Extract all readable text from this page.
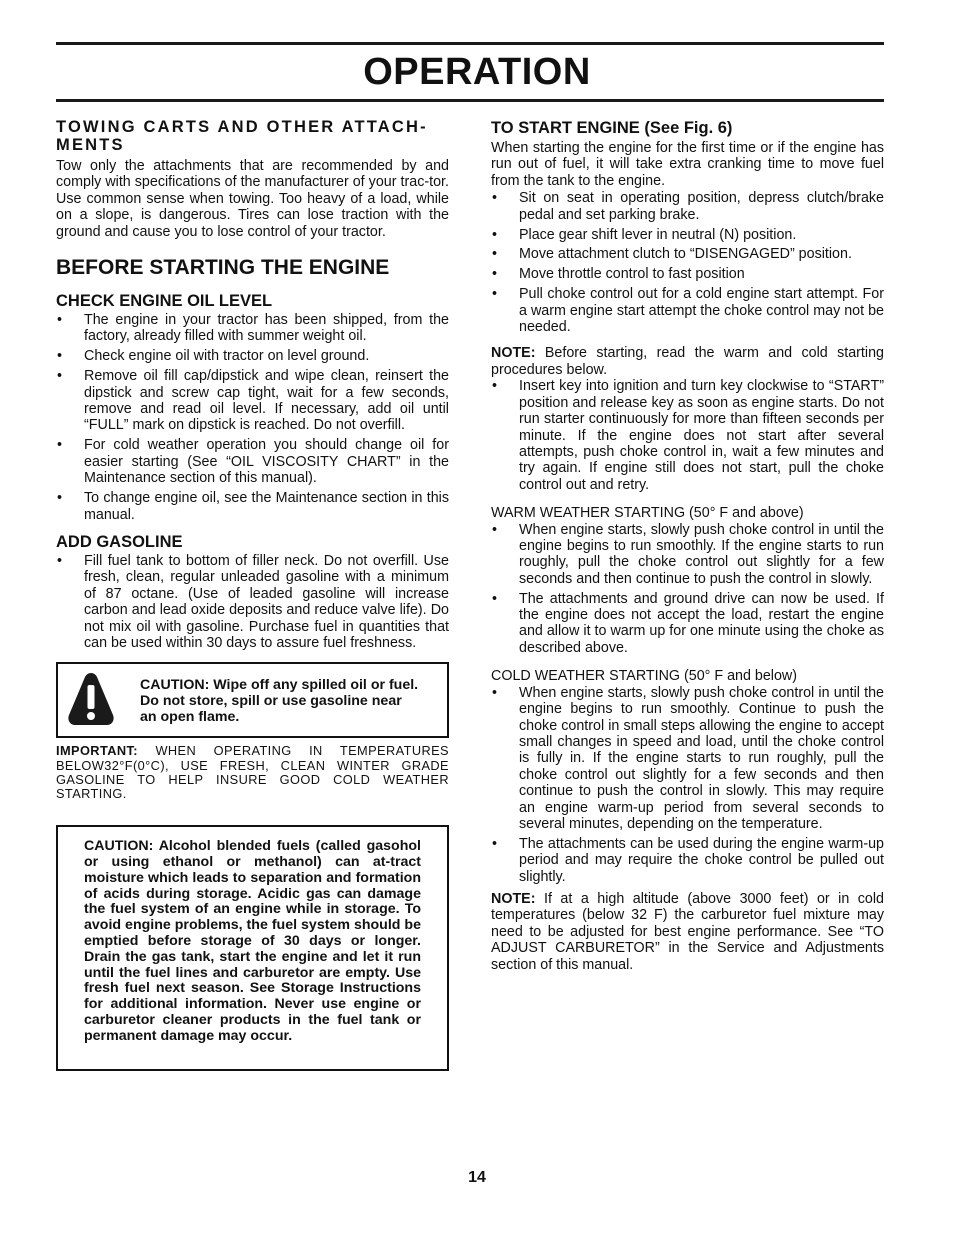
OPERATION
TOWING CARTS AND OTHER ATTACH-MENTS

Tow only the attachments that are recommended by and comply with specifications of the manufacturer of your trac-tor. Use common sense when towing. Too heavy of a load, while on a slope, is dangerous. Tires can lose traction with the ground and cause you to lose control of your tractor.

BEFORE STARTING THE ENGINE
CHECK ENGINE OIL LEVEL
• The engine in your tractor has been shipped, from the factory, already filled with summer weight oil.
• Check engine oil with tractor on level ground.
• Remove oil fill cap/dipstick and wipe clean, reinsert the dipstick and screw cap tight, wait for a few seconds, remove and read oil level. If necessary, add oil until “FULL” mark on dipstick is reached. Do not overfill.
• For cold weather operation you should change oil for easier starting (See “OIL VISCOSITY CHART” in the Maintenance section of this manual).
• To change engine oil, see the Maintenance section in this manual.
ADD GASOLINE
• Fill fuel tank to bottom of filler neck. Do not overfill. Use fresh, clean, regular unleaded gasoline with a minimum of 87 octane. (Use of leaded gasoline will increase carbon and lead oxide deposits and reduce valve life). Do not mix oil with gasoline. Purchase fuel in quantities that can be used within 30 days to assure fuel freshness.
CAUTION: Wipe off any spilled oil or fuel. Do not store, spill or use gasoline near an open flame.

IMPORTANT: WHEN OPERATING IN TEMPERATURES BELOW32°F(0°C), USE FRESH, CLEAN WINTER GRADE GASOLINE TO HELP INSURE GOOD COLD WEATHER STARTING.

CAUTION: Alcohol blended fuels (called gasohol or using ethanol or methanol) can at-tract moisture which leads to separation and formation of acids during storage. Acidic gas can damage the fuel system of an engine while in storage. To avoid engine problems, the fuel system should be emptied before storage of 30 days or longer. Drain the gas tank, start the engine and let it run until the fuel lines and carburetor are empty. Use fresh fuel next season. See Storage Instructions for additional information. Never use engine or carburetor cleaner products in the fuel tank or permanent damage may occur.
TO START ENGINE (See Fig. 6)

When starting the engine for the first time or if the engine has run out of fuel, it will take extra cranking time to move fuel from the tank to the engine.

• Sit on seat in operating position, depress clutch/brake pedal and set parking brake.
• Place gear shift lever in neutral (N) position.
• Move attachment clutch to “DISENGAGED” position.
• Move throttle control to fast position
• Pull choke control out for a cold engine start attempt. For a warm engine start attempt the choke control may not be needed.

NOTE: Before starting, read the warm and cold starting procedures below.

• Insert key into ignition and turn key clockwise to “START” position and release key as soon as engine starts. Do not run starter continuously for more than fifteen seconds per minute. If the engine does not start after several attempts, push choke control in, wait a few minutes and try again. If engine still does not start, pull the choke control out and retry.
WARM WEATHER STARTING (50° F and above)
• When engine starts, slowly push choke control in until the engine begins to run smoothly. If the engine starts to run roughly, pull the choke control out slightly for a few seconds and then continue to push the control in slowly.
• The attachments and ground drive can now be used. If the engine does not accept the load, restart the engine and allow it to warm up for one minute using the choke as described above.
COLD WEATHER STARTING (50° F and below)
• When engine starts, slowly push choke control in until the engine begins to run smoothly. Continue to push the choke control in small steps allowing the engine to accept small changes in speed and load, until the choke control is fully in. If the engine starts to run roughly, pull the choke control out slightly for a few seconds and then continue to push the control in slowly. This may require an engine warm-up period from several seconds to several minutes, depending on the temperature.
• The attachments can be used during the engine warm-up period and may require the choke control be pulled out slightly.

NOTE: If at a high altitude (above 3000 feet) or in cold temperatures (below 32 F) the carburetor fuel mixture may need to be adjusted for best engine performance. See “TO ADJUST CARBURETOR” in the Service and Adjustments section of this manual.

14
